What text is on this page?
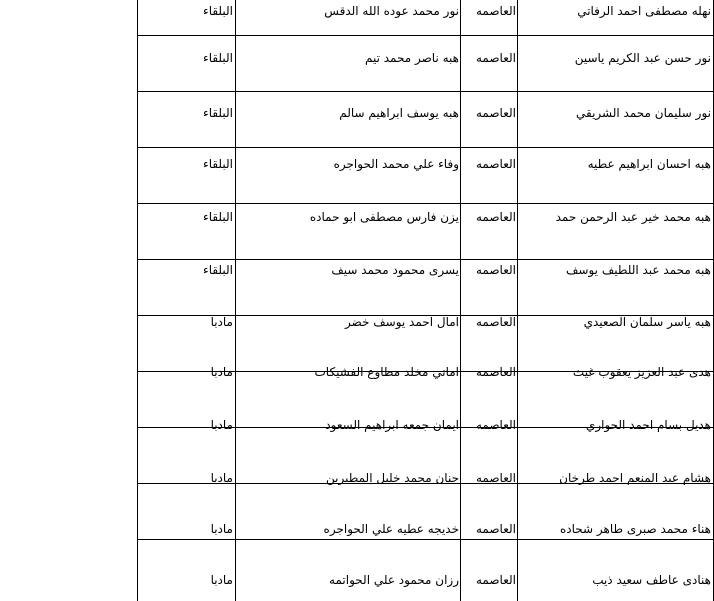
نهله مصطفى احمد الرفاتي
العاصمه
نور محمد عوده الله الدقس
البلقاء
نور حسن عبد الكريم ياسين
العاصمه
هبه ناصر محمد تيم
البلقاء
نور سليمان محمد الشريقي
العاصمه
هبه يوسف ابراهيم سالم
البلقاء
هبه احسان ابراهيم عطيه
العاصمه
وفاء علي محمد الحواجره
البلقاء
هبه محمد خير عبد الرحمن حمد
العاصمه
يزن فارس مصطفى ابو حماده
البلقاء
هبه محمد عبد اللطيف يوسف
العاصمه
يسرى محمود محمد سيف
البلقاء
هبه ياسر سلمان الصعيدي
العاصمه
امال احمد يوسف خضر
مادبا
هدى عبد العزيز يعقوب غيث
العاصمه
اماني مخلد مطاوع الفشيكات
مادبا
هديل بسام احمد الحواري
العاصمه
ايمان جمعه ابراهيم السعود
مادبا
هشام عبد المنعم احمد طرخان
العاصمه
حنان محمد خليل المطيرين
مادبا
هناء محمد صبرى طاهر شحاده
العاصمه
خديجه عطيه علي الحواجره
مادبا
هنادى عاطف سعيد ذيب
العاصمه
رزان محمود علي الحواتمه
مادبا
